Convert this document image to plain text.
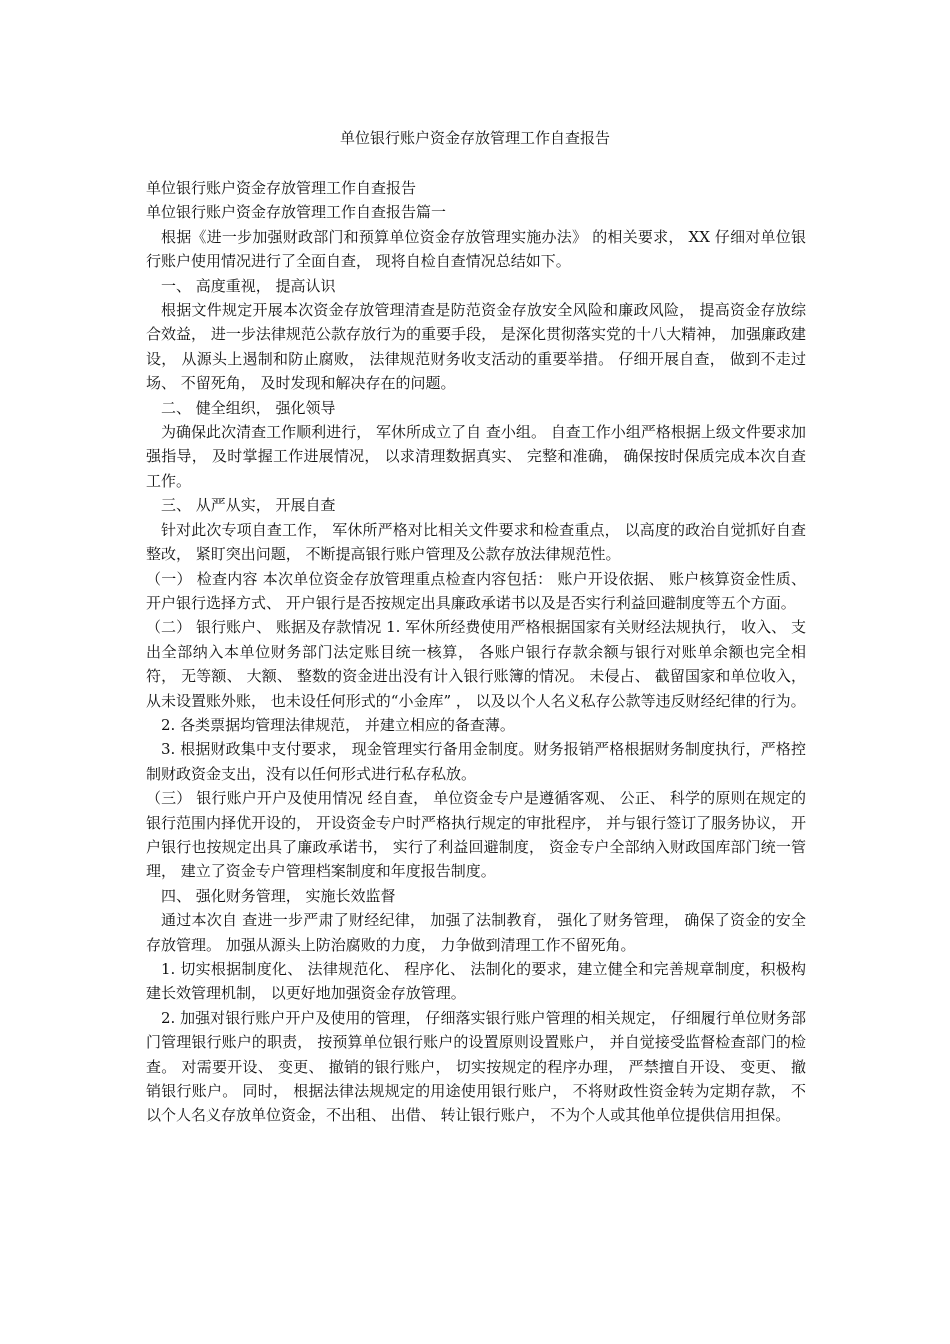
单位银行账户资金存放管理工作自查报告

单位银行账户资金存放管理工作自查报告

单位银行账户资金存放管理工作自查报告篇一

根据《进一步加强财政部门和预算单位资金存放管理实施办法》 的相关要求， XX 仔细对单位银行账户使用情况进行了全面自查， 现将自检自查情况总结如下。

一、 高度重视， 提高认识

根据文件规定开展本次资金存放管理清查是防范资金存放安全风险和廉政风险， 提高资金存放综合效益， 进一步法律规范公款存放行为的重要手段， 是深化贯彻落实党的十八大精神， 加强廉政建设， 从源头上遏制和防止腐败， 法律规范财务收支活动的重要举措。 仔细开展自查， 做到不走过场、 不留死角， 及时发现和解决存在的问题。

二、 健全组织， 强化领导

为确保此次清查工作顺利进行， 军休所成立了自 查小组。 自查工作小组严格根据上级文件要求加强指导， 及时掌握工作进展情况， 以求清理数据真实、 完整和准确， 确保按时保质完成本次自查工作。

三、 从严从实， 开展自查

针对此次专项自查工作， 军休所严格对比相关文件要求和检查重点， 以高度的政治自觉抓好自查整改， 紧盯突出问题， 不断提高银行账户管理及公款存放法律规范性。

（一） 检查内容 本次单位资金存放管理重点检查内容包括： 账户开设依据、 账户核算资金性质、 开户银行选择方式、 开户银行是否按规定出具廉政承诺书以及是否实行利益回避制度等五个方面。

（二） 银行账户、 账据及存款情况 1. 军休所经费使用严格根据国家有关财经法规执行， 收入、 支出全部纳入本单位财务部门法定账目统一核算， 各账户银行存款余额与银行对账单余额也完全相符， 无等额、 大额、 整数的资金进出没有计入银行账簿的情况。 未侵占、 截留国家和单位收入， 从未设置账外账， 也未设任何形式的“小金库” ， 以及以个人名义私存公款等违反财经纪律的行为。

2. 各类票据均管理法律规范， 并建立相应的备查薄。

3. 根据财政集中支付要求， 现金管理实行备用金制度。财务报销严格根据财务制度执行，严格控制财政资金支出，没有以任何形式进行私存私放。

（三） 银行账户开户及使用情况 经自查， 单位资金专户是遵循客观、 公正、 科学的原则在规定的银行范围内择优开设的， 开设资金专户时严格执行规定的审批程序， 并与银行签订了服务协议， 开户银行也按规定出具了廉政承诺书， 实行了利益回避制度， 资金专户全部纳入财政国库部门统一管理， 建立了资金专户管理档案制度和年度报告制度。

四、 强化财务管理， 实施长效监督

通过本次自 查进一步严肃了财经纪律， 加强了法制教育， 强化了财务管理， 确保了资金的安全存放管理。 加强从源头上防治腐败的力度， 力争做到清理工作不留死角。

1. 切实根据制度化、 法律规范化、 程序化、 法制化的要求，建立健全和完善规章制度，积极构建长效管理机制， 以更好地加强资金存放管理。

2. 加强对银行账户开户及使用的管理， 仔细落实银行账户管理的相关规定， 仔细履行单位财务部门管理银行账户的职责， 按预算单位银行账户的设置原则设置账户， 并自觉接受监督检查部门的检查。 对需要开设、 变更、 撤销的银行账户， 切实按规定的程序办理， 严禁擅自开设、 变更、 撤销银行账户。 同时， 根据法律法规规定的用途使用银行账户， 不将财政性资金转为定期存款， 不以个人名义存放单位资金，不出租、 出借、 转让银行账户， 不为个人或其他单位提供信用担保。
